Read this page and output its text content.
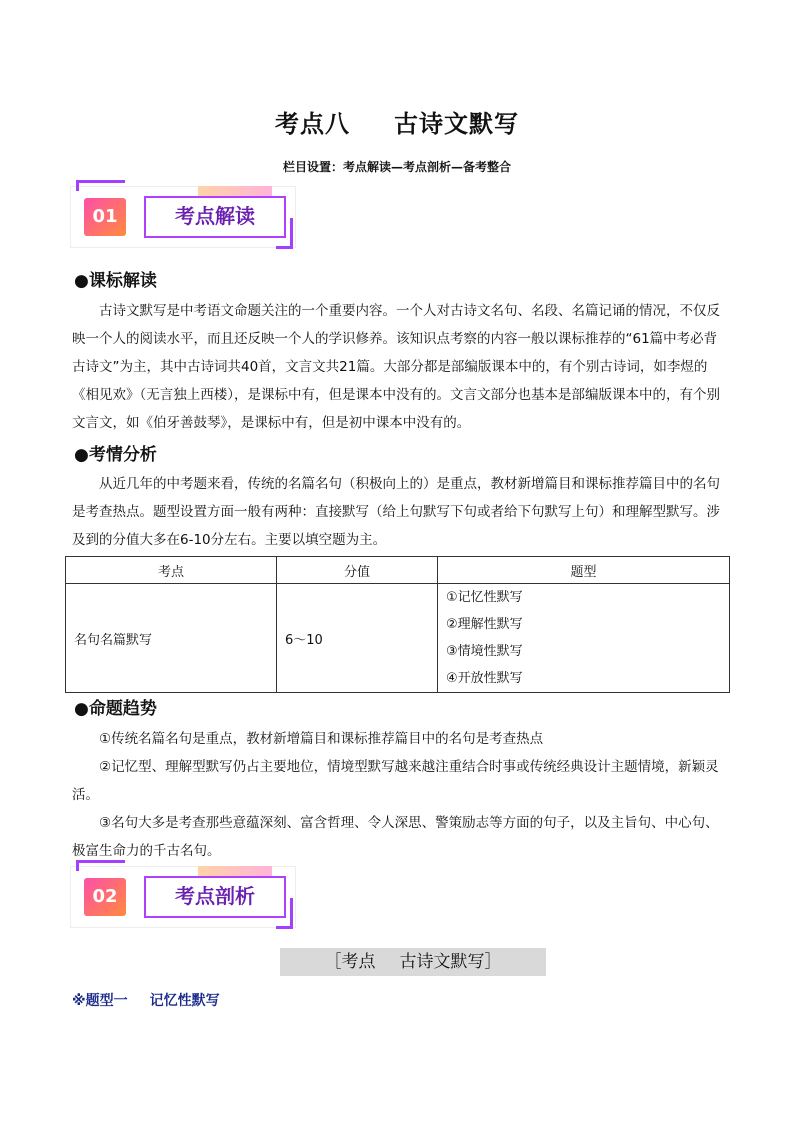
考点八 古诗文默写
栏目设置：考点解读—考点剖析—备考整合
01	考点解读
●课标解读
古诗文默写是中考语文命题关注的一个重要内容。一个人对古诗文名句、名段、名篇记诵的情况，不仅反映一个人的阅读水平，而且还反映一个人的学识修养。该知识点考察的内容一般以课标推荐的“61篇中考必背古诗文”为主，其中古诗词共40首，文言文共21篇。大部分都是部编版课本中的，有个别古诗词，如李煜的《相见欢》（无言独上西楼），是课标中有，但是课本中没有的。文言文部分也基本是部编版课本中的，有个别文言文，如《伯牙善鼓琴》，是课标中有，但是初中课本中没有的。
●考情分析
从近几年的中考题来看，传统的名篇名句（积极向上的）是重点，教材新增篇目和课标推荐篇目中的名句是考查热点。题型设置方面一般有两种：直接默写（给上句默写下句或者给下句默写上句）和理解型默写。涉及到的分值大多在6-10分左右。主要以填空题为主。
考点	分值	题型
名句名篇默写	6～10	①记忆性默写
②理解性默写
③情境性默写
④开放性默写
●命题趋势

①传统名篇名句是重点，教材新增篇目和课标推荐篇目中的名句是考查热点

②记忆型、理解型默写仍占主要地位，情境型默写越来越注重结合时事或传统经典设计主题情境，新颖灵活。

③名句大多是考查那些意蕴深刻、富含哲理、令人深思、警策励志等方面的句子，以及主旨句、中心句、极富生命力的千古名句。

02	考点剖析
［考点 古诗文默写］
※题型一 记忆性默写
